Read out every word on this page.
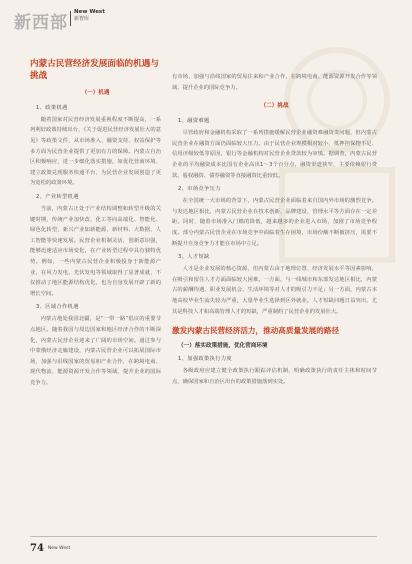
新西部
New West
新智库
内蒙古民营经济发展面临的机遇与挑战
（一）机遇
1、政策机遇

随着国家对民营经济发展重视程度不断提高，一系列利好政策持续出台，《关于促进民营经济发展壮大的意见》等政策文件，从市场准入、融资支持、权益保护等多方面为民营企业提供了更加有力的保障。内蒙古自治区积极响应，进一步细化落实措施，如优化营商环境、建立政策兑现服务快通平台，为民营企业发展创造了更为宽松的政策环境。

2、产业转型机遇

当前，内蒙古正处于产业结构调整和转型升级的关键时期，传统产业加快改、化工等向高端化、智能化、绿色化转型，新兴产业如新能源、新材料、大数据、人工智能等快速发展。民营企业机制灵活，创新意识强，能够迅速适应市场变化，在产业转型过程中具有独特优势。例如，一些内蒙古民营企业积极投身于新能源产业，在风力发电、光伏发电等领域取得了显著成就，不仅推动了地区能源结构优化，也为自身发展开辟了新的增长空间。

3、区域合作机遇

内蒙古地处我国北疆，是“一带一路”倡议的重要节点地区。随着我国与周边国家和地区经济合作的不断深化，内蒙古民营企业迎来了广阔的市场空间。通过参与中蒙俄经济走廊建设，内蒙古民营企业可以拓展国际市场，加强与沿线国家的贸易和产业合作，在跨境电商、现代物流、能源资源开发合作等领域，提升企业的国际竞争力。

有市场，加强与沿线国家的贸易往来和产业合作，在跨境电商、能源资源开发合作等领域，提升企业的国际竞争力。

（二）挑战
1、融资难题

尽管政府和金融机构采取了一系列措施缓解民营企业融资难融资贵问题，但内蒙古民营企业在融资方面仍面临较大压力。由于民营企业规模相对较小、抵押担保物不足、信用评级较低等原因，银行等金融机构对民营企业贷款较为审慎。据调查，内蒙古民营企业的平均融资成本比国有企业高出1～3个百分点，融资渠道狭窄，主要依赖银行贷款，股权融资、债券融资等直接融资比重较低。

2、市场竞争压力

在全国统一大市场的背景下，内蒙古民营企业面临着来自国内外市场的激烈竞争。与发达地区相比，内蒙古民营企业在技术创新、品牌建设、管理水平等方面存在一定差距。同时，随着市场准入门槛的降低，越来越多的企业进入市场，加剧了市场竞争程度。部分内蒙古民营企业在市场竞争中面临着生存困境，市场份额不断被挤压，需要不断提升自身竞争力才能在市场中立足。

3、人才短缺

人才是企业发展的核心资源，但内蒙古由于地理位置、经济发展水平等因素影响，在吸引和留住人才方面面临较大困难。一方面，与一线城市和东部发达地区相比，内蒙古的薪酬待遇、职业发展机会、生活环境等对人才的吸引力不足；另一方面，内蒙古本地高校毕业生流失较为严重，大量毕业生选择到区外就业。人才短缺问题日益突出，尤其是科技人才和高端管理人才的短缺，严重制约了民营企业的发展壮大。

激发内蒙古民营经济活力，推动高质量发展的路径
（一）落实政策措施，优化营商环境
1、加强政策执行力度

各级政府应建立健全政策执行跟踪评估机制，明确政策执行的责任主体和时间节点，确保国家和自治区出台的政策措施落到实处。

74 $^{New West}$
